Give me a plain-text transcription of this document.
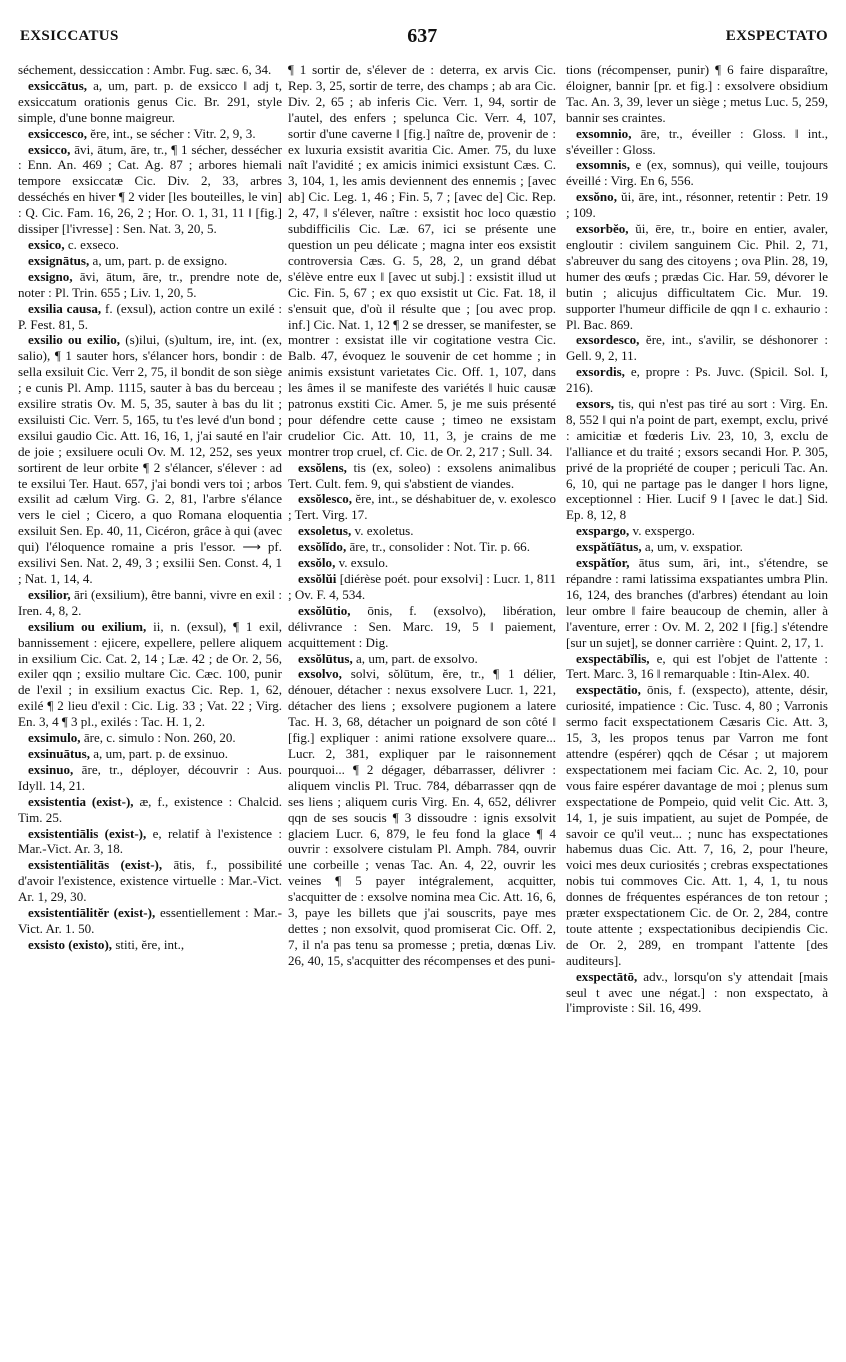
EXSICCATUS	637	EXSPECTATO

séchement, dessiccation : Ambr. Fug. sæc. 6, 34.

exsiccātus, a, um, part. p. de exsicco ‖ adj t, exsiccatum orationis genus Cic. Br. 291, style simple, d'une bonne maigreur.

exsiccesco, ĕre, int., se sécher : Vitr. 2, 9, 3.

exsicco, āvi, ātum, āre, tr., ¶ 1 sécher, dessécher : Enn. An. 469 ; Cat. Ag. 87 ; arbores hiemali tempore exsiccatæ Cic. Div. 2, 33, arbres desséchés en hiver ¶ 2 vider [les bouteilles, le vin] : Q. Cic. Fam. 16, 26, 2 ; Hor. O. 1, 31, 11 ‖ [fig.] dissiper [l'ivresse] : Sen. Nat. 3, 20, 5.

exsico, c. exseco.

exsignātus, a, um, part. p. de exsigno.

exsigno, āvi, ātum, āre, tr., prendre note de, noter : Pl. Trin. 655 ; Liv. 1, 20, 5.

exsilia causa, f. (exsul), action contre un exilé : P. Fest. 81, 5.

exsilio ou exilio, (s)ilui, (s)ultum, ire, int. (ex, salio), ¶ 1 sauter hors, s'élancer hors, bondir : de sella exsiluit Cic. Verr 2, 75, il bondit de son siège ; e cunis Pl. Amp. 1115, sauter à bas du berceau ; exsilire stratis Ov. M. 5, 35, sauter à bas du lit ; exsiluisti Cic. Verr. 5, 165, tu t'es levé d'un bond ; exsilui gaudio Cic. Att. 16, 16, 1, j'ai sauté en l'air de joie ; exsiluere oculi Ov. M. 12, 252, ses yeux sortirent de leur orbite ¶ 2 s'élancer, s'élever : ad te exsilui Ter. Haut. 657, j'ai bondi vers toi ; arbos exsilit ad cælum Virg. G. 2, 81, l'arbre s'élance vers le ciel ; Cicero, a quo Romana eloquentia exsiluit Sen. Ep. 40, 11, Cicéron, grâce à qui (avec qui) l'éloquence romaine a pris l'essor. ⟶ pf. exsilivi Sen. Nat. 2, 49, 3 ; exsilii Sen. Const. 4, 1 ; Nat. 1, 14, 4.

exsilior, āri (exsilium), être banni, vivre en exil : Iren. 4, 8, 2.

exsilium ou exilium, ii, n. (exsul), ¶ 1 exil, bannissement : ejicere, expellere, pellere aliquem in exsilium Cic. Cat. 2, 14 ; Læ. 42 ; de Or. 2, 56, exiler qqn ; exsilio multare Cic. Cæc. 100, punir de l'exil ; in exsilium exactus Cic. Rep. 1, 62, exilé ¶ 2 lieu d'exil : Cic. Lig. 33 ; Vat. 22 ; Virg. En. 3, 4 ¶ 3 pl., exilés : Tac. H. 1, 2.

exsimulo, āre, c. simulo : Non. 260, 20.

exsinuātus, a, um, part. p. de exsinuo.

exsinuo, āre, tr., déployer, découvrir : Aus. Idyll. 14, 21.

exsistentia (exist-), æ, f., existence : Chalcid. Tim. 25.

exsistentiālis (exist-), e, relatif à l'existence : Mar.-Vict. Ar. 3, 18.

exsistentiālitās (exist-), ātis, f., possibilité d'avoir l'existence, existence virtuelle : Mar.-Vict. Ar. 1, 29, 30.

exsistentiālitĕr (exist-), essentiellement : Mar.-Vict. Ar. 1. 50.

exsisto (existo), stiti, ĕre, int.,

¶ 1 sortir de, s'élever de : deterra, ex arvis Cic. Rep. 3, 25, sortir de terre, des champs ; ab ara Cic. Div. 2, 65 ; ab inferis Cic. Verr. 1, 94, sortir de l'autel, des enfers ; spelunca Cic. Verr. 4, 107, sortir d'une caverne ‖ [fig.] naître de, provenir de : ex luxuria exsistit avaritia Cic. Amer. 75, du luxe naît l'avidité ; ex amicis inimici exsistunt Cæs. C. 3, 104, 1, les amis deviennent des ennemis ; [avec ab] Cic. Leg. 1, 46 ; Fin. 5, 7 ; [avec de] Cic. Rep. 2, 47, ‖ s'élever, naître : exsistit hoc loco quæstio subdifficilis Cic. Læ. 67, ici se présente une question un peu délicate ; magna inter eos exsistit controversia Cæs. G. 5, 28, 2, un grand débat s'élève entre eux ‖ [avec ut subj.] : exsistit illud ut Cic. Fin. 5, 67 ; ex quo exsistit ut Cic. Fat. 18, il s'ensuit que, d'où il résulte que ; [ou avec prop. inf.] Cic. Nat. 1, 12 ¶ 2 se dresser, se manifester, se montrer : exsistat ille vir cogitatione vestra Cic. Balb. 47, évoquez le souvenir de cet homme ; in animis exsistunt varietates Cic. Off. 1, 107, dans les âmes il se manifeste des variétés ‖ huic causæ patronus exstiti Cic. Amer. 5, je me suis présenté pour défendre cette cause ; timeo ne exsistam crudelior Cic. Att. 10, 11, 3, je crains de me montrer trop cruel, cf. Cic. de Or. 2, 217 ; Sull. 34.

exsŏlens, tis (ex, soleo) : exsolens animalibus Tert. Cult. fem. 9, qui s'abstient de viandes.

exsŏlesco, ĕre, int., se déshabituer de, v. exolesco ; Tert. Virg. 17.

exsoletus, v. exoletus.

exsŏlĭdo, āre, tr., consolider : Not. Tir. p. 66.

exsŏlo, v. exsulo.

exsŏlŭi [diérèse poét. pour exsolvi] : Lucr. 1, 811 ; Ov. F. 4, 534.

exsŏlūtio, ōnis, f. (exsolvo), libération, délivrance : Sen. Marc. 19, 5 ‖ paiement, acquittement : Dig.

exsŏlūtus, a, um, part. de exsolvo.

exsolvo, solvi, sŏlūtum, ĕre, tr., ¶ 1 délier, dénouer, détacher : nexus exsolvere Lucr. 1, 221, détacher des liens ; exsolvere pugionem a latere Tac. H. 3, 68, détacher un poignard de son côté ‖ [fig.] expliquer : animi ratione exsolvere quare... Lucr. 2, 381, expliquer par le raisonnement pourquoi... ¶ 2 dégager, débarrasser, délivrer : aliquem vinclis Pl. Truc. 784, débarrasser qqn de ses liens ; aliquem curis Virg. En. 4, 652, délivrer qqn de ses soucis ¶ 3 dissoudre : ignis exsolvit glaciem Lucr. 6, 879, le feu fond la glace ¶ 4 ouvrir : exsolvere cistulam Pl. Amph. 784, ouvrir une corbeille ; venas Tac. An. 4, 22, ouvrir les veines ¶ 5 payer intégralement, acquitter, s'acquitter de : exsolve nomina mea Cic. Att. 16, 6, 3, paye les billets que j'ai souscrits, paye mes dettes ; non exsolvit, quod promiserat Cic. Off. 2, 7, il n'a pas tenu sa promesse ; pretia, dœnas Liv. 26, 40, 15, s'acquitter des récompenses et des puni-

tions (récompenser, punir) ¶ 6 faire disparaître, éloigner, bannir [pr. et fig.] : exsolvere obsidium Tac. An. 3, 39, lever un siège ; metus Luc. 5, 259, bannir ses craintes.

exsomnio, āre, tr., éveiller : Gloss. ‖ int., s'éveiller : Gloss.

exsomnis, e (ex, somnus), qui veille, toujours éveillé : Virg. En 6, 556.

exsŏno, ŭi, āre, int., résonner, retentir : Petr. 19 ; 109.

exsorbĕo, ŭi, ēre, tr., boire en entier, avaler, engloutir : civilem sanguinem Cic. Phil. 2, 71, s'abreuver du sang des citoyens ; ova Plin. 28, 19, humer des œufs ; prædas Cic. Har. 59, dévorer le butin ; alicujus difficultatem Cic. Mur. 19. supporter l'humeur difficile de qqn ‖ c. exhaurio : Pl. Bac. 869.

exsordesco, ĕre, int., s'avilir, se déshonorer : Gell. 9, 2, 11.

exsordis, e, propre : Ps. Juvc. (Spicil. Sol. I, 216).

exsors, tis, qui n'est pas tiré au sort : Virg. En. 8, 552 ‖ qui n'a point de part, exempt, exclu, privé : amicitiæ et fœderis Liv. 23, 10, 3, exclu de l'alliance et du traité ; exsors secandi Hor. P. 305, privé de la propriété de couper ; periculi Tac. An. 6, 10, qui ne partage pas le danger ‖ hors ligne, exceptionnel : Hier. Lucif 9 ‖ [avec le dat.] Sid. Ep. 8, 12, 8

exspargo, v. exspergo.

exspătĭātus, a, um, v. exspatior.

exspătĭor, ātus sum, āri, int., s'étendre, se répandre : rami latissima exspatiantes umbra Plin. 16, 124, des branches (d'arbres) étendant au loin leur ombre ‖ faire beaucoup de chemin, aller à l'aventure, errer : Ov. M. 2, 202 ‖ [fig.] s'étendre [sur un sujet], se donner carrière : Quint. 2, 17, 1.

exspectābĭlis, e, qui est l'objet de l'attente : Tert. Marc. 3, 16 ‖ remarquable : Itin-Alex. 40.

exspectātio, ōnis, f. (exspecto), attente, désir, curiosité, impatience : Cic. Tusc. 4, 80 ; Varronis sermo facit exspectationem Cæsaris Cic. Att. 3, 15, 3, les propos tenus par Varron me font attendre (espérer) qqch de César ; ut majorem exspectationem mei faciam Cic. Ac. 2, 10, pour vous faire espérer davantage de moi ; plenus sum exspectatione de Pompeio, quid velit Cic. Att. 3, 14, 1, je suis impatient, au sujet de Pompée, de savoir ce qu'il veut... ; nunc has exspectationes habemus duas Cic. Att. 7, 16, 2, pour l'heure, voici mes deux curiosités ; crebras exspectationes nobis tui commoves Cic. Att. 1, 4, 1, tu nous donnes de fréquentes espérances de ton retour ; præter exspectationem Cic. de Or. 2, 284, contre toute attente ; exspectationibus decipiendis Cic. de Or. 2, 289, en trompant l'attente [des auditeurs].

exspectātō, adv., lorsqu'on s'y attendait [mais seul t avec une négat.] : non exspectato, à l'improviste : Sil. 16, 499.
